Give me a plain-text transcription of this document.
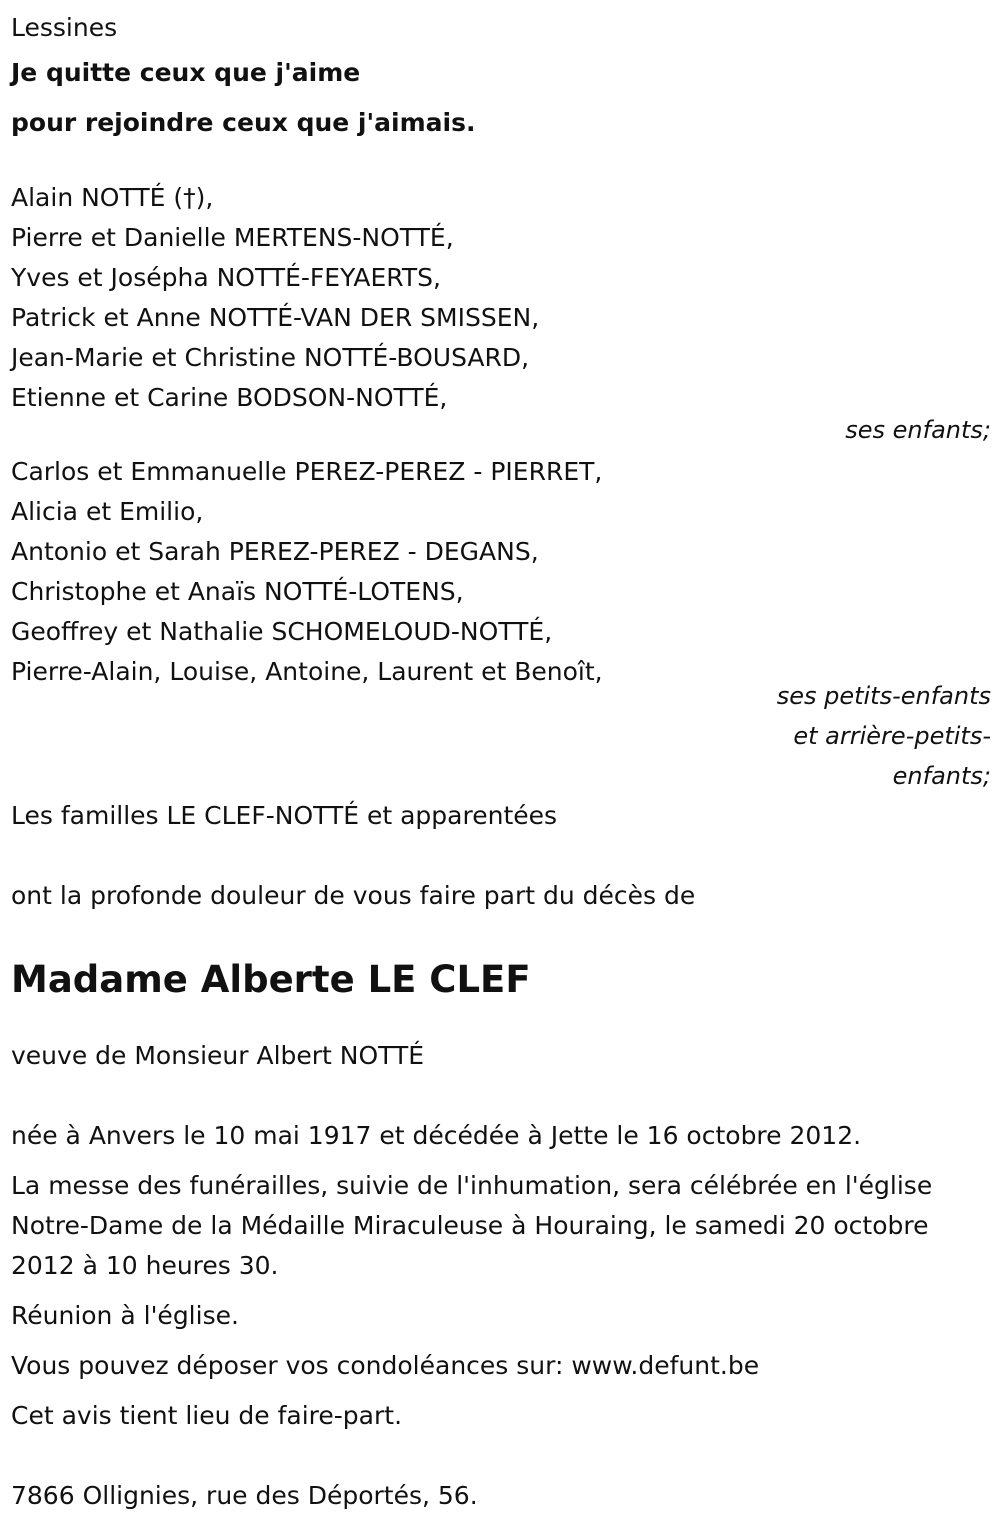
Lessines

Je quitte ceux que j'aime

pour rejoindre ceux que j'aimais.

Alain NOTTÉ (†),

Pierre et Danielle MERTENS-NOTTÉ,

Yves et Joséphа NOTTÉ-FEYAERTS,

Patrick et Anne NOTTÉ-VAN DER SMISSEN,

Jean-Marie et Christine NOTTÉ-BOUSARD,

Etienne et Carine BODSON-NOTTÉ,

ses enfants;

Carlos et Emmanuelle PEREZ-PEREZ - PIERRET,

Alicia et Emilio,

Antonio et Sarah PEREZ-PEREZ - DEGANS,

Christophe et Anaïs NOTTÉ-LOTENS,

Geoffrey et Nathalie SCHOMELOUD-NOTTÉ,

Pierre-Alain, Louise, Antoine, Laurent et Benoît,

ses petits-enfants

et arrière-petits-

enfants;

Les familles LE CLEF-NOTTÉ et apparentées

ont la profonde douleur de vous faire part du décès de

Madame Alberte LE CLEF

veuve de Monsieur Albert NOTTÉ

née à Anvers le 10 mai 1917 et décédée à Jette le 16 octobre 2012.

La messe des funérailles, suivie de l'inhumation, sera célébrée en l'église Notre-Dame de la Médaille Miraculeuse à Houraing, le samedi 20 octobre 2012 à 10 heures 30.

Réunion à l'église.

Vous pouvez déposer vos condoléances sur: www.defunt.be

Cet avis tient lieu de faire-part.

7866 Ollignies, rue des Déportés, 56.
